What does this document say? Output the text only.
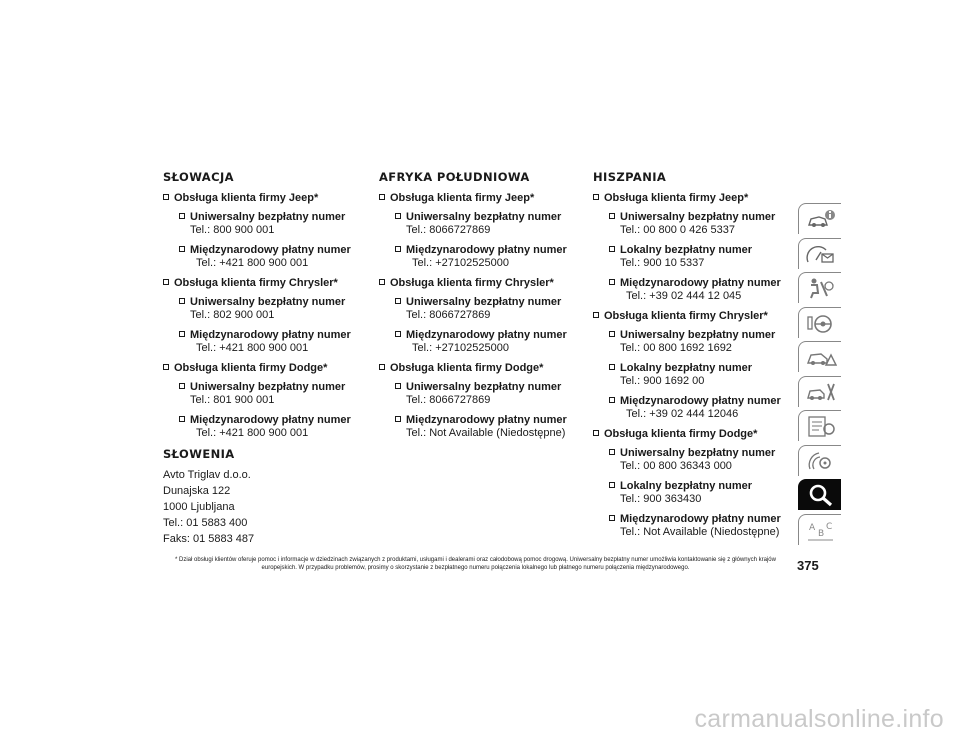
SŁOWACJA
Obsługa klienta firmy Jeep*
Uniwersalny bezpłatny numer
Tel.: 800 900 001
Międzynarodowy płatny numer
Tel.: +421 800 900 001
Obsługa klienta firmy Chrysler*
Uniwersalny bezpłatny numer
Tel.: 802 900 001
Międzynarodowy płatny numer
Tel.: +421 800 900 001
Obsługa klienta firmy Dodge*
Uniwersalny bezpłatny numer
Tel.: 801 900 001
Międzynarodowy płatny numer
Tel.: +421 800 900 001
SŁOWENIA
Avto Triglav d.o.o.
Dunajska 122
1000 Ljubljana
Tel.: 01 5883 400
Faks: 01 5883 487
AFRYKA POŁUDNIOWA
Obsługa klienta firmy Jeep*
Uniwersalny bezpłatny numer
Tel.: 8066727869
Międzynarodowy płatny numer
Tel.: +27102525000
Obsługa klienta firmy Chrysler*
Uniwersalny bezpłatny numer
Tel.: 8066727869
Międzynarodowy płatny numer
Tel.: +27102525000
Obsługa klienta firmy Dodge*
Uniwersalny bezpłatny numer
Tel.: 8066727869
Międzynarodowy płatny numer
Tel.: Not Available (Niedostępne)
HISZPANIA
Obsługa klienta firmy Jeep*
Uniwersalny bezpłatny numer
Tel.: 00 800 0 426 5337
Lokalny bezpłatny numer
Tel.: 900 10 5337
Międzynarodowy płatny numer
Tel.: +39 02 444 12 045
Obsługa klienta firmy Chrysler*
Uniwersalny bezpłatny numer
Tel.: 00 800 1692 1692
Lokalny bezpłatny numer
Tel.: 900 1692 00
Międzynarodowy płatny numer
Tel.: +39 02 444 12046
Obsługa klienta firmy Dodge*
Uniwersalny bezpłatny numer
Tel.: 00 800 36343 000
Lokalny bezpłatny numer
Tel.: 900 363430
Międzynarodowy płatny numer
Tel.: Not Available (Niedostępne)	A
B
C
* Dział obsługi klientów oferuje pomoc i informacje w dziedzinach związanych z produktami, usługami i dealerami oraz całodobową pomoc drogową. Uniwersalny bezpłatny numer umożliwia kontaktowanie się z głównych krajów europejskich. W przypadku problemów, prosimy o skorzystanie z bezpłatnego numeru połączenia lokalnego lub płatnego numeru połączenia międzynarodowego.	375
carmanualsonline.info
